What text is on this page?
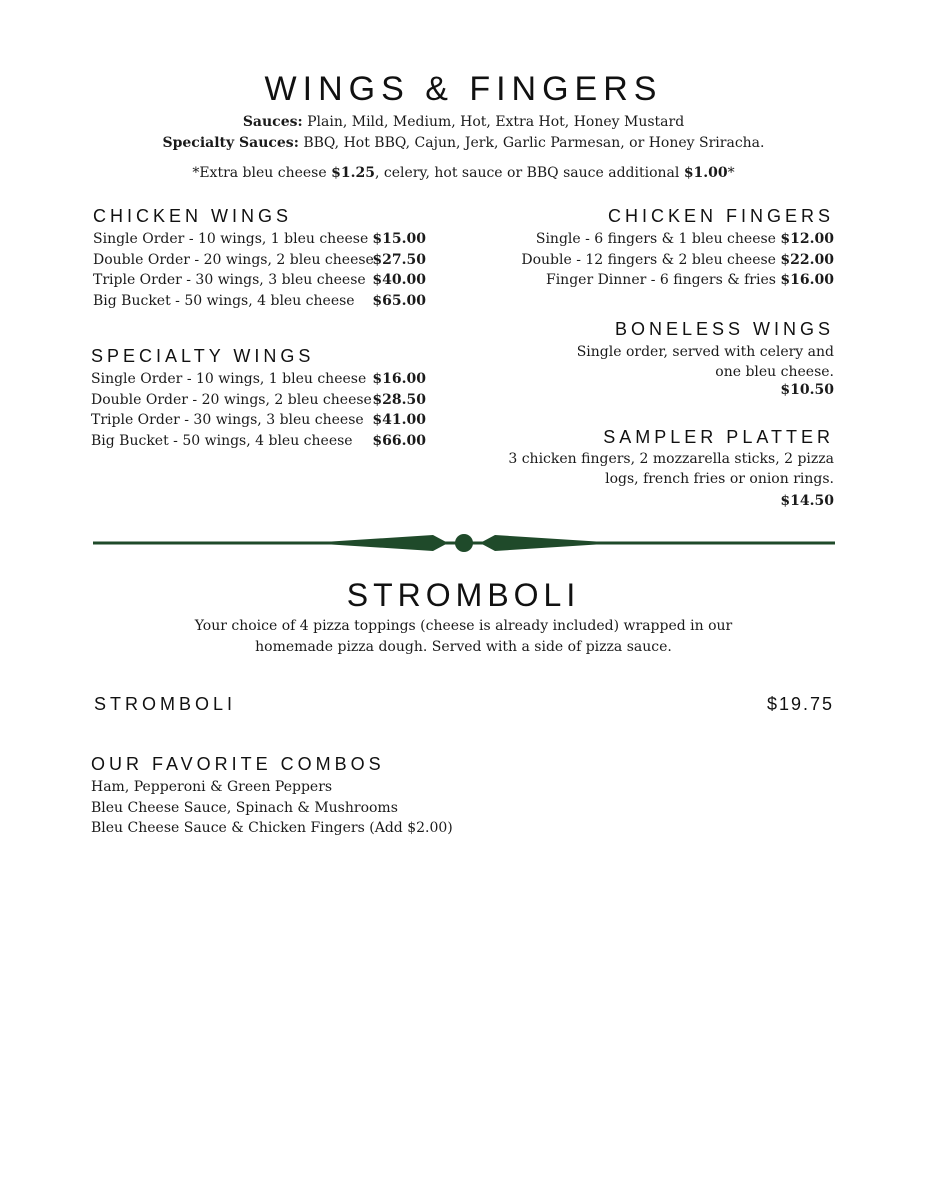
WINGS & FINGERS
Sauces: Plain, Mild, Medium, Hot, Extra Hot, Honey Mustard
Specialty Sauces: BBQ, Hot BBQ, Cajun, Jerk, Garlic Parmesan, or Honey Sriracha.
*Extra bleu cheese $1.25, celery, hot sauce or BBQ sauce additional $1.00*
CHICKEN WINGS
Single Order - 10 wings, 1 bleu cheese $15.00
Double Order - 20 wings, 2 bleu cheese
$27.50
Triple Order - 30 wings, 3 bleu cheese $40.00
Big Bucket - 50 wings, 4 bleu cheese $65.00
SPECIALTY WINGS
Single Order - 10 wings, 1 bleu cheese $16.00
Double Order - 20 wings, 2 bleu cheese $28.50
Triple Order - 30 wings, 3 bleu cheese $41.00
Big Bucket - 50 wings, 4 bleu cheese $66.00
CHICKEN FINGERS
Single - 6 fingers & 1 bleu cheese $12.00
Double - 12 fingers & 2 bleu cheese $22.00
Finger Dinner - 6 fingers & fries $16.00
BONELESS WINGS
Single order, served with celery and
one bleu cheese.
$10.50
SAMPLER PLATTER
3 chicken fingers, 2 mozzarella sticks, 2 pizza
logs, french fries or onion rings.
$14.50
STROMBOLI
Your choice of 4 pizza toppings (cheese is already included) wrapped in our
homemade pizza dough. Served with a side of pizza sauce.
STROMBOLI	$19.75
OUR FAVORITE COMBOS
Ham, Pepperoni & Green Peppers
Bleu Cheese Sauce, Spinach & Mushrooms
Bleu Cheese Sauce & Chicken Fingers (Add $2.00)
